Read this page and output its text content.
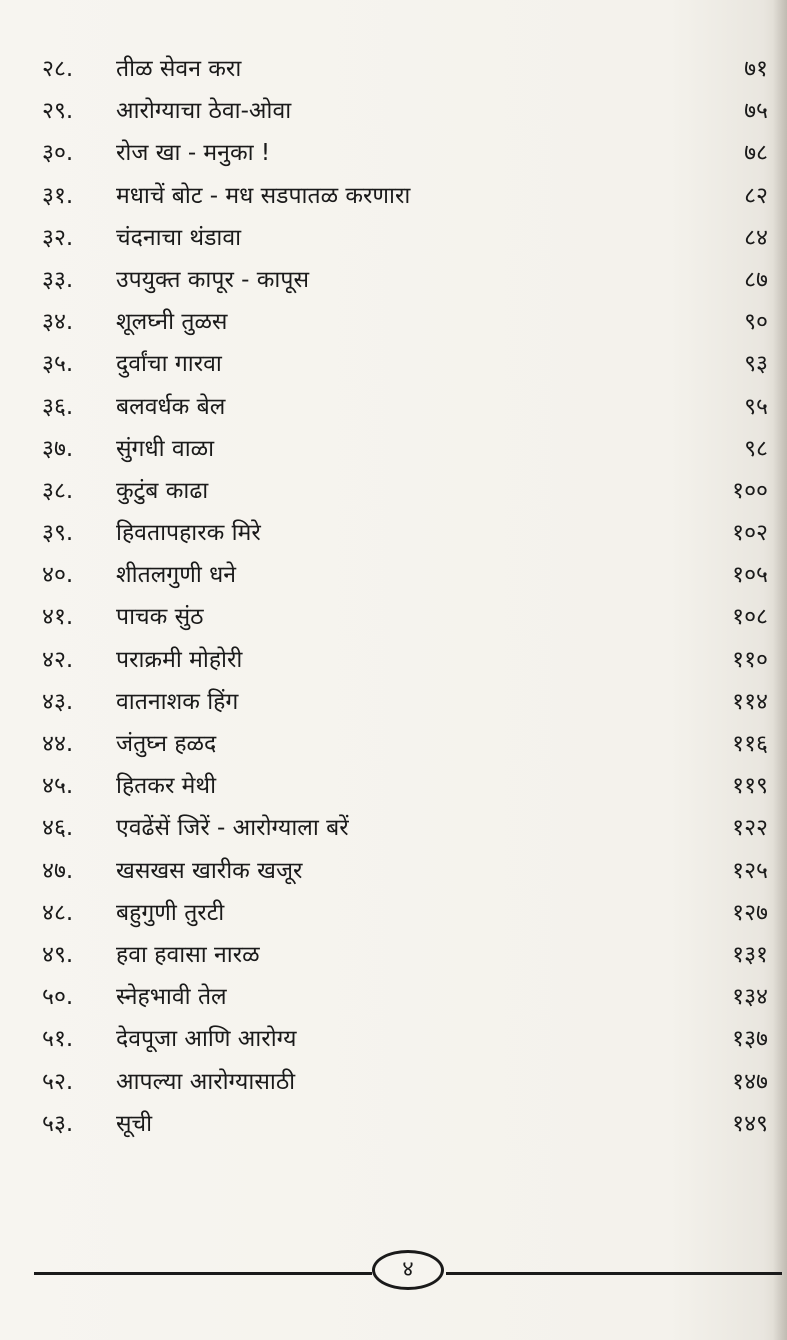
२८.	तीळ सेवन करा	७१
२९.	आरोग्याचा ठेवा-ओवा	७५
३०.	रोज खा - मनुका !	७८
३१.	मधाचें बोट - मध सडपातळ करणारा	८२
३२.	चंदनाचा थंडावा	८४
३३.	उपयुक्त कापूर - कापूस	८७
३४.	शूलघ्नी तुळस	९०
३५.	दुर्वांचा गारवा	९३
३६.	बलवर्धक बेल	९५
३७.	सुंगधी वाळा	९८
३८.	कुटुंब काढा	१००
३९.	हिवतापहारक मिरे	१०२
४०.	शीतलगुणी धने	१०५
४१.	पाचक सुंठ	१०८
४२.	पराक्रमी मोहोरी	११०
४३.	वातनाशक हिंग	११४
४४.	जंतुघ्न हळद	११६
४५.	हितकर मेथी	११९
४६.	एवढेंसें जिरें - आरोग्याला बरें	१२२
४७.	खसखस खारीक खजूर	१२५
४८.	बहुगुणी तुरटी	१२७
४९.	हवा हवासा नारळ	१३१
५०.	स्नेहभावी तेल	१३४
५१.	देवपूजा आणि आरोग्य	१३७
५२.	आपल्या आरोग्यासाठी	१४७
५३.	सूची	१४९
४
